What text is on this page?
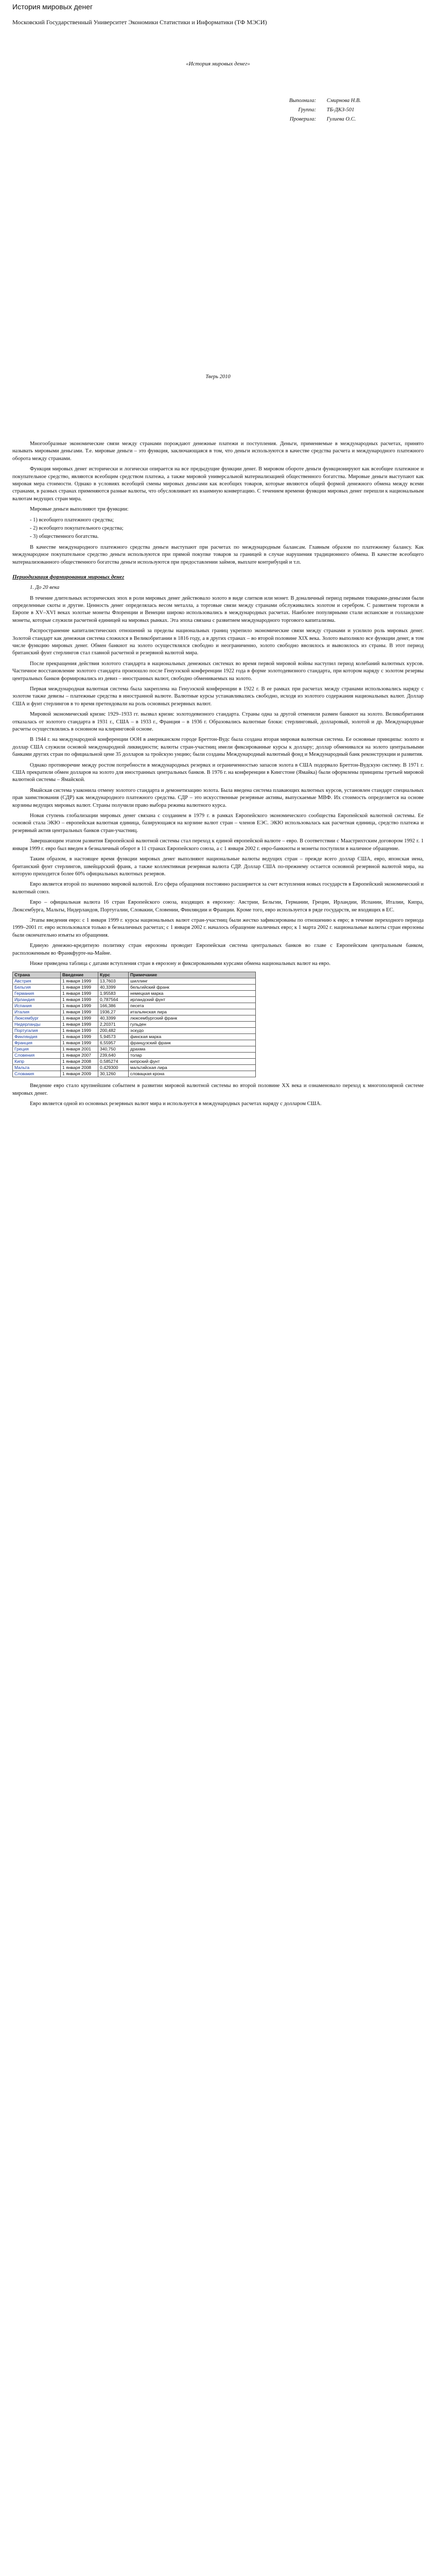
История мировых денег
Московский Государственный Университет Экономики Статистики и Информатики (ТФ МЭСИ)
«История мировых денег»
Выполнила: Смирнова Н.В.
Группа: ТБ-ДКЗ-501
Проверила: Гулиева О.С.
Тверь 2010

Многообразные экономические связи между странами порождают денежные платежи и поступления. Деньги, применяемые в международных расчетах, принято называть мировыми деньгами. Т.е. мировые деньги – это функция, заключающаяся в том, что деньги используются в качестве средства расчета и международного платежного оборота между странами.

Функция мировых денег исторически и логически опирается на все предыдущие функции денег. В мировом обороте деньги функционируют как всеобщее платежное и покупательное средство, являются всеобщим средством платежа, а также мировой универсальной материализацией общественного богатства. Мировые деньги выступают как мировая мера стоимости. Однако в условиях всеобщей смены мировых деньгами как всеобщих товаров, которые являются общей формой денежного обмена между всеми странами, в разных странах применяются разные валюты, что обусловливает их взаимную конвертацию. С течением времени функции мировых денег перешли к национальным валютам ведущих стран мира.

Мировые деньги выполняют три функции:

- 1) всеобщего платежного средства;
- 2) всеобщего покупательного средства;
- 3) общественного богатства.

В качестве международного платежного средства деньги выступают при расчетах по международным балансам. Главным образом по платежному балансу. Как международное покупательное средство деньги используются при прямой покупке товаров за границей в случае нарушения традиционного обмена. В качестве всеобщего материализованного общественного богатства деньги используются при предоставлении займов, выплате контрибуций и т.п.

Периодизация формирования мировых денег
1. До 20 века

В течение длительных исторических эпох в роли мировых денег действовало золото в виде слитков или монет. В доналичный период первыми товарами-деньгами были определенные скоты и другие. Ценность денег определялась весом металла, а торговые связи между странами обслуживались золотом и серебром. С развитием торговли в Европе в XV–XVI веках золотые монеты Флоренции и Венеции широко использовались в международных расчетах. Наиболее популярными стали испанские и голландские монеты, которые служили расчетной единицей на мировых рынках. Эта эпоха связана с развитием международного торгового капитализма.

Распространение капиталистических отношений за пределы национальных границ укрепило экономические связи между странами и усилило роль мировых денег. Золотой стандарт как денежная система сложился в Великобритании в 1816 году, а в других странах – во второй половине XIX века. Золото выполняло все функции денег, в том числе функцию мировых денег. Обмен банкнот на золото осуществлялся свободно и неограниченно, золото свободно ввозилось и вывозилось из страны. В этот период британский фунт стерлингов стал главной расчетной и резервной валютой мира.

После прекращения действия золотого стандарта в национальных денежных системах во время первой мировой войны наступил период колебаний валютных курсов. Частичное восстановление золотого стандарта произошло после Генуэзской конференции 1922 года в форме золотодевизного стандарта, при котором наряду с золотом резервы центральных банков формировались из девиз – иностранных валют, свободно обмениваемых на золото.

Первая международная валютная система была закреплена на Генуэзской конференции в 1922 г. В ее рамках при расчетах между странами использовались наряду с золотом также девизы – платежные средства в иностранной валюте. Валютные курсы устанавливались свободно, исходя из золотого содержания национальных валют. Доллар США и фунт стерлингов в то время претендовали на роль основных резервных валют.

Мировой экономический кризис 1929–1933 гг. вызвал кризис золотодевизного стандарта. Страны одна за другой отменили размен банкнот на золото. Великобритания отказалась от золотого стандарта в 1931 г., США – в 1933 г., Франция – в 1936 г. Образовались валютные блоки: стерлинговый, долларовый, золотой и др. Международные расчеты осуществлялись в основном на клиринговой основе.

В 1944 г. на международной конференции ООН в американском городе Бреттон-Вудс была создана вторая мировая валютная система. Ее основные принципы: золото и доллар США служили основой международной ликвидности; валюты стран-участниц имели фиксированные курсы к доллару; доллар обменивался на золото центральными банками других стран по официальной цене 35 долларов за тройскую унцию; были созданы Международный валютный фонд и Международный банк реконструкции и развития.

Однако противоречие между ростом потребности в международных резервах и ограниченностью запасов золота в США подорвало Бреттон-Вудскую систему. В 1971 г. США прекратили обмен долларов на золото для иностранных центральных банков. В 1976 г. на конференции в Кингстоне (Ямайка) были оформлены принципы третьей мировой валютной системы – Ямайской.

Ямайская система узаконила отмену золотого стандарта и демонетизацию золота. Была введена система плавающих валютных курсов, установлен стандарт специальных прав заимствования (СДР) как международного платежного средства. СДР – это искусственные резервные активы, выпускаемые МВФ. Их стоимость определяется на основе корзины ведущих мировых валют. Страны получили право выбора режима валютного курса.

Новая ступень глобализации мировых денег связана с созданием в 1979 г. в рамках Европейского экономического сообщества Европейской валютной системы. Ее основой стала ЭКЮ – европейская валютная единица, базирующаяся на корзине валют стран – членов ЕЭС. ЭКЮ использовалась как расчетная единица, средство платежа и резервный актив центральных банков стран-участниц.

Завершающим этапом развития Европейской валютной системы стал переход к единой европейской валюте – евро. В соответствии с Маастрихтским договором 1992 г. 1 января 1999 г. евро был введен в безналичный оборот в 11 странах Европейского союза, а с 1 января 2002 г. евро-банкноты и монеты поступили в наличное обращение.

Таким образом, в настоящее время функции мировых денег выполняют национальные валюты ведущих стран – прежде всего доллар США, евро, японская иена, британский фунт стерлингов, швейцарский франк, а также коллективная резервная валюта СДР. Доллар США по-прежнему остается основной резервной валютой мира, на которую приходится более 60% официальных валютных резервов.

Евро является второй по значению мировой валютой. Его сфера обращения постоянно расширяется за счет вступления новых государств в Европейский экономический и валютный союз.

Евро – официальная валюта 16 стран Европейского союза, входящих в еврозону: Австрии, Бельгии, Германии, Греции, Ирландии, Испании, Италии, Кипра, Люксембурга, Мальты, Нидерландов, Португалии, Словакии, Словении, Финляндии и Франции. Кроме того, евро используется в ряде государств, не входящих в ЕС.

Этапы введения евро: с 1 января 1999 г. курсы национальных валют стран-участниц были жестко зафиксированы по отношению к евро; в течение переходного периода 1999–2001 гг. евро использовался только в безналичных расчетах; с 1 января 2002 г. началось обращение наличных евро; к 1 марта 2002 г. национальные валюты стран еврозоны были окончательно изъяты из обращения.

Единую денежно-кредитную политику стран еврозоны проводит Европейская система центральных банков во главе с Европейским центральным банком, расположенным во Франкфурте-на-Майне.

Ниже приведена таблица с датами вступления стран в еврозону и фиксированными курсами обмена национальных валют на евро.

Страна	Введение	Курс	Примечание
Австрия	1 января 1999	13,7603	шиллинг
Бельгия	1 января 1999	40,3399	бельгийский франк
Германия	1 января 1999	1,95583	немецкая марка
Ирландия	1 января 1999	0,787564	ирландский фунт
Испания	1 января 1999	166,386	песета
Италия	1 января 1999	1936,27	итальянская лира
Люксембург	1 января 1999	40,3399	люксембургский франк
Нидерланды	1 января 1999	2,20371	гульден
Португалия	1 января 1999	200,482	эскудо
Финляндия	1 января 1999	5,94573	финская марка
Франция	1 января 1999	6,55957	французский франк
Греция	1 января 2001	340,750	драхма
Словения	1 января 2007	239,640	толар
Кипр	1 января 2008	0,585274	кипрский фунт
Мальта	1 января 2008	0,429300	мальтийская лира
Словакия	1 января 2009	30,1260	словацкая крона

Введение евро стало крупнейшим событием в развитии мировой валютной системы во второй половине XX века и ознаменовало переход к многополярной системе мировых денег.

Евро является одной из основных резервных валют мира и используется в международных расчетах наряду с долларом США.
